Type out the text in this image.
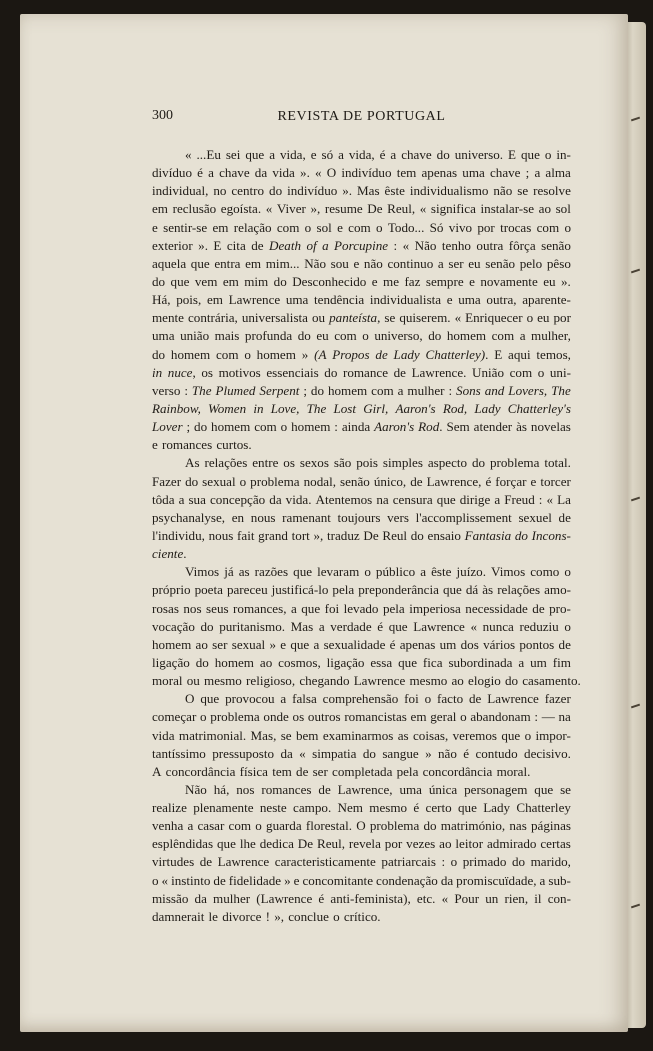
300	REVISTA DE PORTUGAL
« ...Eu sei que a vida, e só a vida, é a chave do universo. E que o in-
divíduo é a chave da vida ». « O indivíduo tem apenas uma chave ; a alma
individual, no centro do indivíduo ». Mas êste individualismo não se resolve
em reclusão egoísta. « Viver », resume De Reul, « significa instalar-se ao sol
e sentir-se em relação com o sol e com o Todo... Só vivo por trocas com o
exterior ». E cita de Death of a Porcupine : « Não tenho outra fôrça senão
aquela que entra em mim... Não sou e não continuo a ser eu senão pelo pêso
do que vem em mim do Desconhecido e me faz sempre e novamente eu ».
Há, pois, em Lawrence uma tendência individualista e uma outra, aparente-
mente contrária, universalista ou panteísta, se quiserem. « Enriquecer o eu por
uma união mais profunda do eu com o universo, do homem com a mulher,
do homem com o homem » (A Propos de Lady Chatterley). E aqui temos,
in nuce, os motivos essenciais do romance de Lawrence. União com o uni-
verso : The Plumed Serpent ; do homem com a mulher : Sons and Lovers, The
Rainbow, Women in Love, The Lost Girl, Aaron's Rod, Lady Chatterley's
Lover ; do homem com o homem : ainda Aaron's Rod. Sem atender às novelas
e romances curtos.
As relações entre os sexos são pois simples aspecto do problema total.
Fazer do sexual o problema nodal, senão único, de Lawrence, é forçar e torcer
tôda a sua concepção da vida. Atentemos na censura que dirige a Freud : « La
psychanalyse, en nous ramenant toujours vers l'accomplissement sexuel de
l'individu, nous fait grand tort », traduz De Reul do ensaio Fantasia do Incons-
ciente.
Vimos já as razões que levaram o público a êste juízo. Vimos como o
próprio poeta pareceu justificá-lo pela preponderância que dá às relações amo-
rosas nos seus romances, a que foi levado pela imperiosa necessidade de pro-
vocação do puritanismo. Mas a verdade é que Lawrence « nunca reduziu o
homem ao ser sexual » e que a sexualidade é apenas um dos vários pontos de
ligação do homem ao cosmos, ligação essa que fica subordinada a um fim
moral ou mesmo religioso, chegando Lawrence mesmo ao elogio do casamento.
O que provocou a falsa comprehensão foi o facto de Lawrence fazer
começar o problema onde os outros romancistas em geral o abandonam : — na
vida matrimonial. Mas, se bem examinarmos as coisas, veremos que o impor-
tantíssimo pressuposto da « simpatia do sangue » não é contudo decisivo.
A concordância física tem de ser completada pela concordância moral.
Não há, nos romances de Lawrence, uma única personagem que se
realize plenamente neste campo. Nem mesmo é certo que Lady Chatterley
venha a casar com o guarda florestal. O problema do matrimónio, nas páginas
esplêndidas que lhe dedica De Reul, revela por vezes ao leitor admirado certas
virtudes de Lawrence caracteristicamente patriarcais : o primado do marido,
o « instinto de fidelidade » e concomitante condenação da promiscuïdade, a sub-
missão da mulher (Lawrence é anti-feminista), etc. « Pour un rien, il con-
damnerait le divorce ! », conclue o crítico.
